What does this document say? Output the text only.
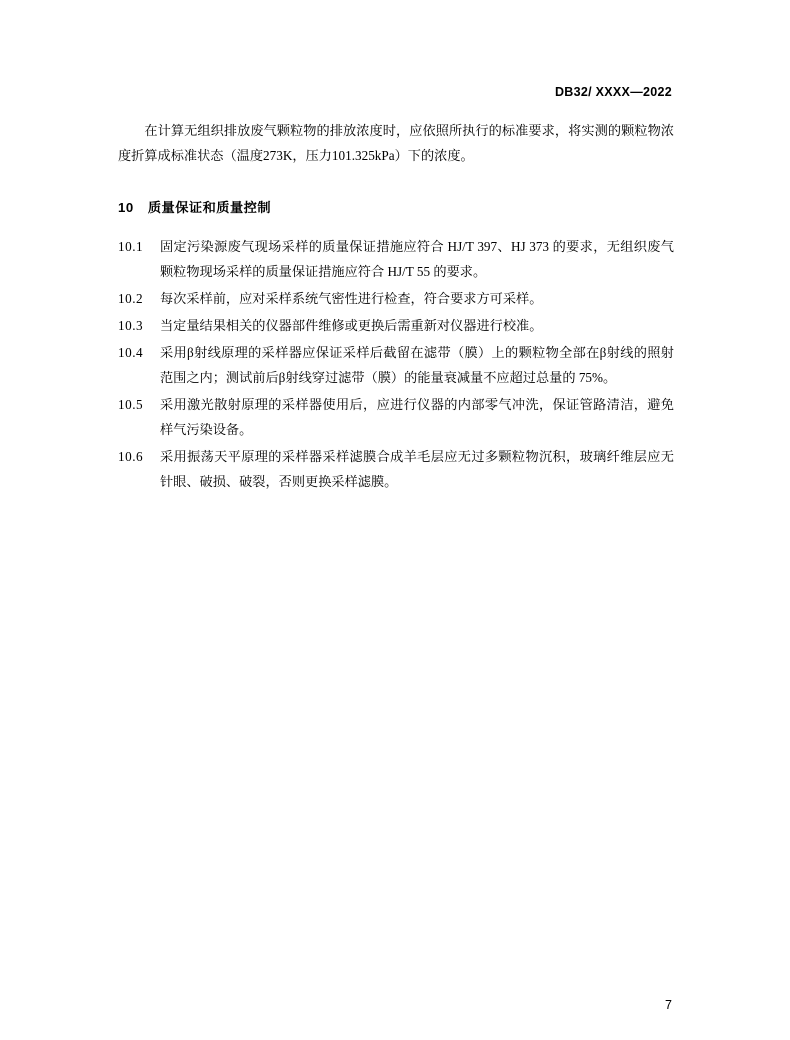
DB32/ XXXX—2022

在计算无组织排放废气颗粒物的排放浓度时，应依照所执行的标准要求，将实测的颗粒物浓度折算成标准状态（温度273K，压力101.325kPa）下的浓度。

10 质量保证和质量控制
10.1	固定污染源废气现场采样的质量保证措施应符合 HJ/T 397、HJ 373 的要求，无组织废气颗粒物现场采样的质量保证措施应符合 HJ/T 55 的要求。
10.2	每次采样前，应对采样系统气密性进行检查，符合要求方可采样。
10.3	当定量结果相关的仪器部件维修或更换后需重新对仪器进行校准。
10.4	采用β射线原理的采样器应保证采样后截留在滤带（膜）上的颗粒物全部在β射线的照射范围之内；测试前后β射线穿过滤带（膜）的能量衰减量不应超过总量的 75%。
10.5	采用激光散射原理的采样器使用后，应进行仪器的内部零气冲洗，保证管路清洁，避免样气污染设备。
10.6	采用振荡天平原理的采样器采样滤膜合成羊毛层应无过多颗粒物沉积，玻璃纤维层应无针眼、破损、破裂，否则更换采样滤膜。
7
